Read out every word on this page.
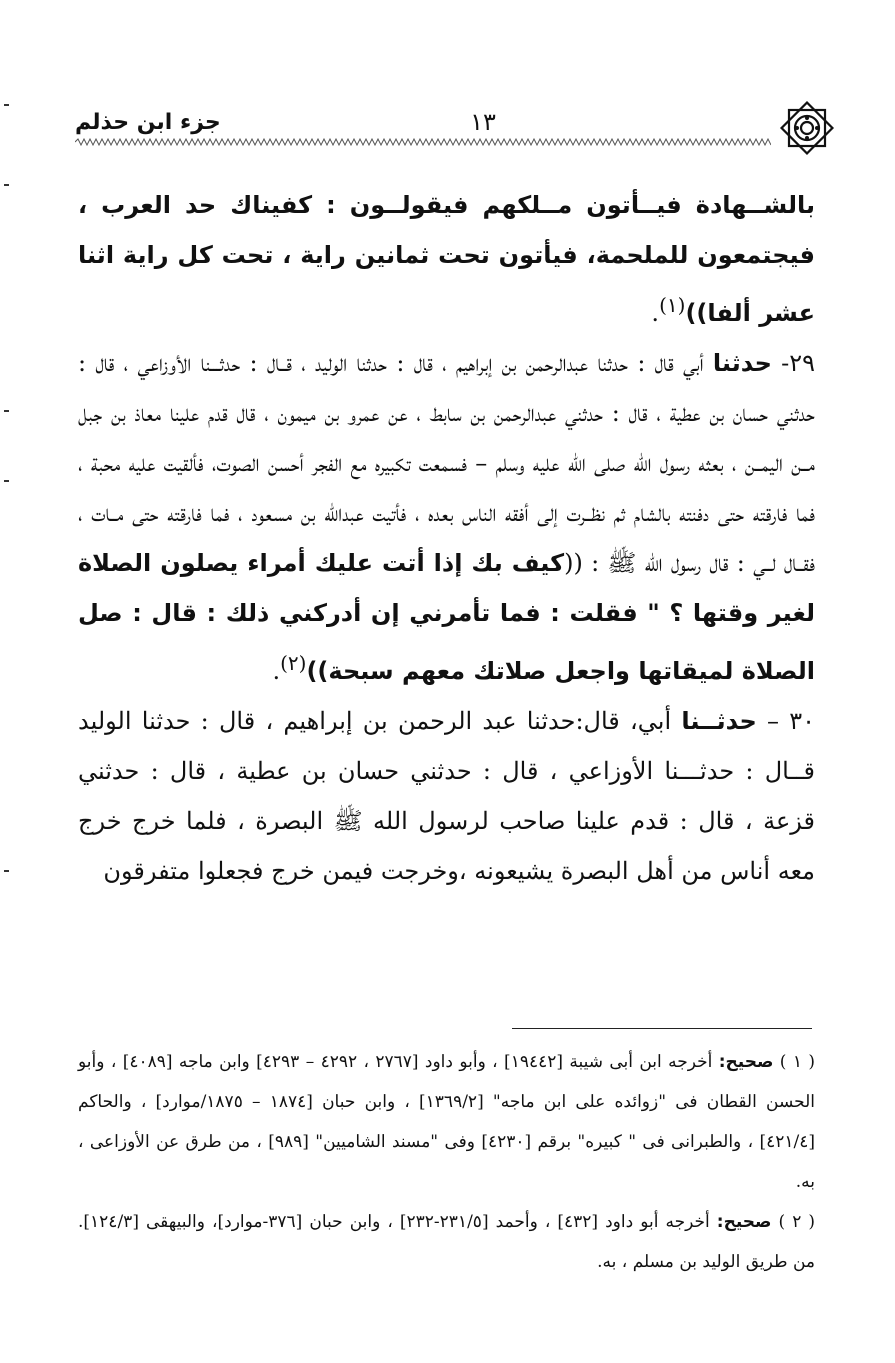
١٣
جزء ابن حذلم

بالشــهادة فيــأتون مــلكهم فيقولــون : كفيناك حد العرب ، فيجتمعون للملحمة، فيأتون تحت ثمانين راية ، تحت كل راية اثنا عشر ألفا))$^{(١)}$.

٢٩- حدثنا أبي قال : حدثنا عبدالرحمن بن إبراهيم ، قال : حدثنا الوليد ، قــال : حدثـــنا الأوزاعي ، قال : حدثني حسان بن عطية ، قال : حدثني عبدالرحمن بن سابط ، عن عمرو بن ميمون ، قال قدم علينا معاذ بن جبل مــن اليمــن ، بعثه رسول الله صلى الله عليه وسلم – فسمعت تكبيره مع الفجر أحسن الصوت، فألقيت عليه محبة ، فما فارقته حتى دفنته بالشام ثم نظــرت إلى أفقه الناس بعده ، فأتيت عبدالله بن مسعود ، فما فارقته حتى مــات ، فقــال لــي : قال رسول الله ﷺ : ((كيف بك إذا أتت عليك أمراء يصلون الصلاة لغير وقتها ؟ " فقلت : فما تأمرني إن أدركني ذلك : قال : صل الصلاة لميقاتها واجعل صلاتك معهم سبحة))$^{(٢)}$.

٣٠ – حدثــنا أبي، قال:حدثنا عبد الرحمن بن إبراهيم ، قال : حدثنا الوليد قــال : حدثـــنا الأوزاعي ، قال : حدثني حسان بن عطية ، قال : حدثني قزعة ، قال : قدم علينا صاحب لرسول الله ﷺ البصرة ، فلما خرج خرج معه أناس من أهل البصرة يشيعونه ،وخرجت فيمن خرج فجعلوا متفرقون

( ١ ) صحيح: أخرجه ابن أبى شيبة [١٩٤٤٢] ، وأبو داود [٢٧٦٧ ، ٤٢٩٢ – ٤٢٩٣] وابن ماجه [٤٠٨٩] ، وأبو الحسن القطان فى "زوائده على ابن ماجه" [١٣٦٩/٢] ، وابن حبان [١٨٧٤ – ١٨٧٥/موارد] ، والحاكم [٤٢١/٤] ، والطبرانى فى " كبيره" برقم [٤٢٣٠] وفى "مسند الشاميين" [٩٨٩] ، من طرق عن الأوزاعى ، به.

( ٢ ) صحيح: أخرجه أبو داود [٤٣٢] ، وأحمد [٢٣١/٥-٢٣٢] ، وابن حبان [٣٧٦-موارد]، والبيهقى [١٢٤/٣]. من طريق الوليد بن مسلم ، به.
